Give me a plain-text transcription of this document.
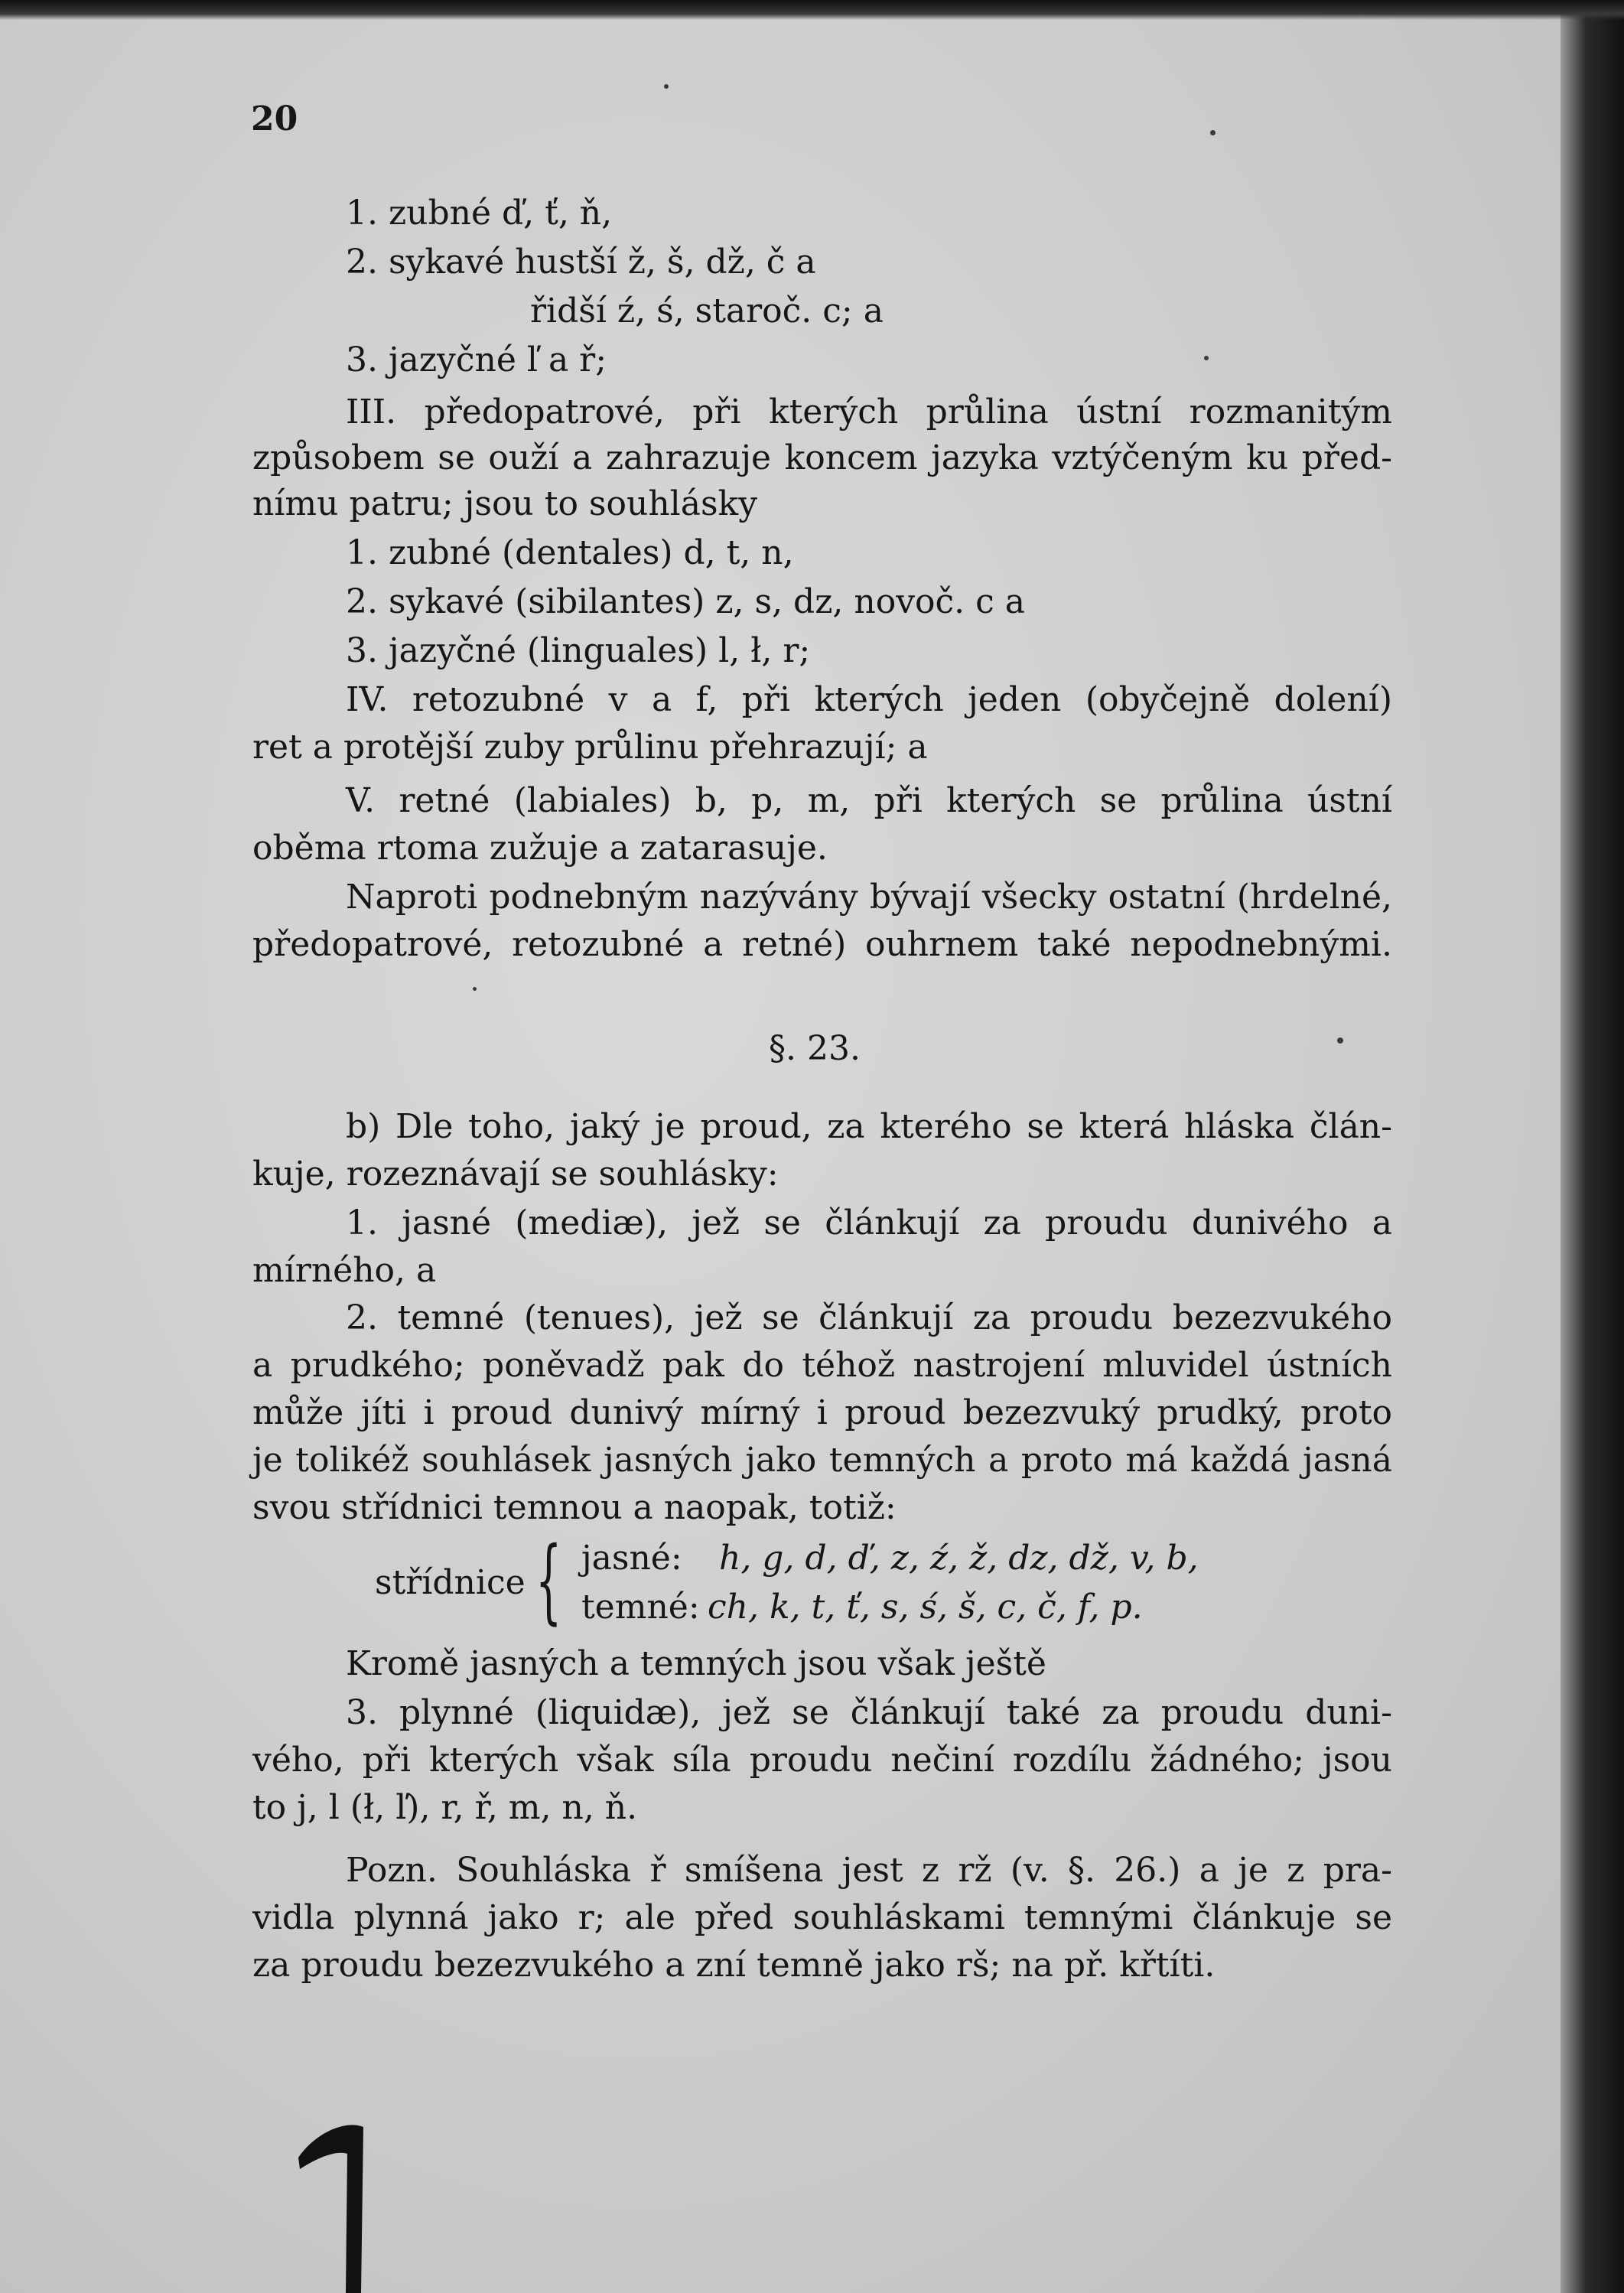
20
1. zubné ď, ť, ň,
2. sykavé hustší ž, š, dž, č a
řidší ź, ś, staroč. c; a
3. jazyčné ľ a ř;
III. předopatrové, při kterých průlina ústní rozmanitým
způsobem se ouží a zahrazuje koncem jazyka vztýčeným ku před-
nímu patru; jsou to souhlásky
1. zubné (dentales) d, t, n,
2. sykavé (sibilantes) z, s, dz, novoč. c a
3. jazyčné (linguales) l, ł, r;
IV. retozubné v a f, při kterých jeden (obyčejně dolení)
ret a protější zuby průlinu přehrazují; a
V. retné (labiales) b, p, m, při kterých se průlina ústní
oběma rtoma zužuje a zatarasuje.
Naproti podnebným nazývány bývají všecky ostatní (hrdelné,
předopatrové, retozubné a retné) ouhrnem také nepodnebnými.
§. 23.
b) Dle toho, jaký je proud, za kterého se která hláska člán-
kuje, rozeznávají se souhlásky:
1. jasné (mediæ), jež se článkují za proudu dunivého a
mírného, a
2. temné (tenues), jež se článkují za proudu bezezvukého
a prudkého; poněvadž pak do téhož nastrojení mluvidel ústních
může jíti i proud dunivý mírný i proud bezezvuký prudký, proto
je tolikéž souhlásek jasných jako temných a proto má každá jasná
svou střídnici temnou a naopak, totiž:
střídnice { jasné: h, g, d, ď, z, ź, ž, dz, dž, v, b,
temné: ch, k, t, ť, s, ś, š, c, č, f, p.
Kromě jasných a temných jsou však ještě
3. plynné (liquidæ), jež se článkují také za proudu duni-
vého, při kterých však síla proudu nečiní rozdílu žádného; jsou
to j, l (ł, ľ), r, ř, m, n, ň.
Pozn. Souhláska ř smíšena jest z rž (v. §. 26.) a je z pra-
vidla plynná jako r; ale před souhláskami temnými článkuje se
za proudu bezezvukého a zní temně jako rš; na př. křtíti.
